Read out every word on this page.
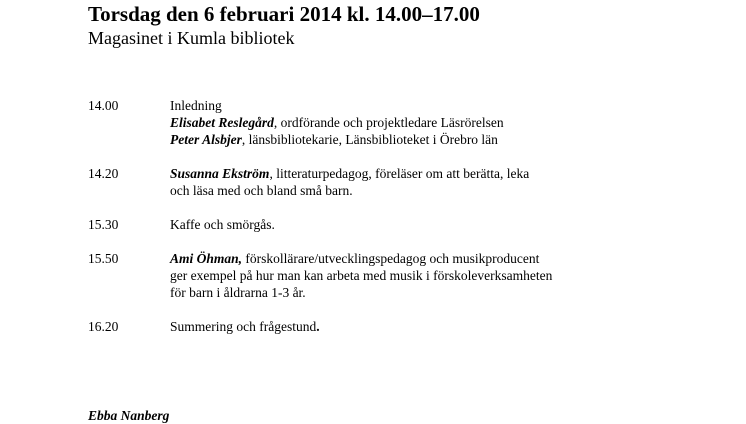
Torsdag den 6 februari 2014 kl. 14.00–17.00
Magasinet i Kumla bibliotek
14.00	Inledning
Elisabet Reslegård, ordförande och projektledare Läsrörelsen
Peter Alsbjer, länsbibliotekarie, Länsbiblioteket i Örebro län
14.20	Susanna Ekström, litteraturpedagog, föreläser om att berätta, leka
och läsa med och bland små barn.
15.30	Kaffe och smörgås.
15.50	Ami Öhman, förskollärare/utvecklingspedagog och musikproducent
ger exempel på hur man kan arbeta med musik i förskoleverksamheten
för barn i åldrarna 1-3 år.
16.20	Summering och frågestund.
Ebba Nanberg
